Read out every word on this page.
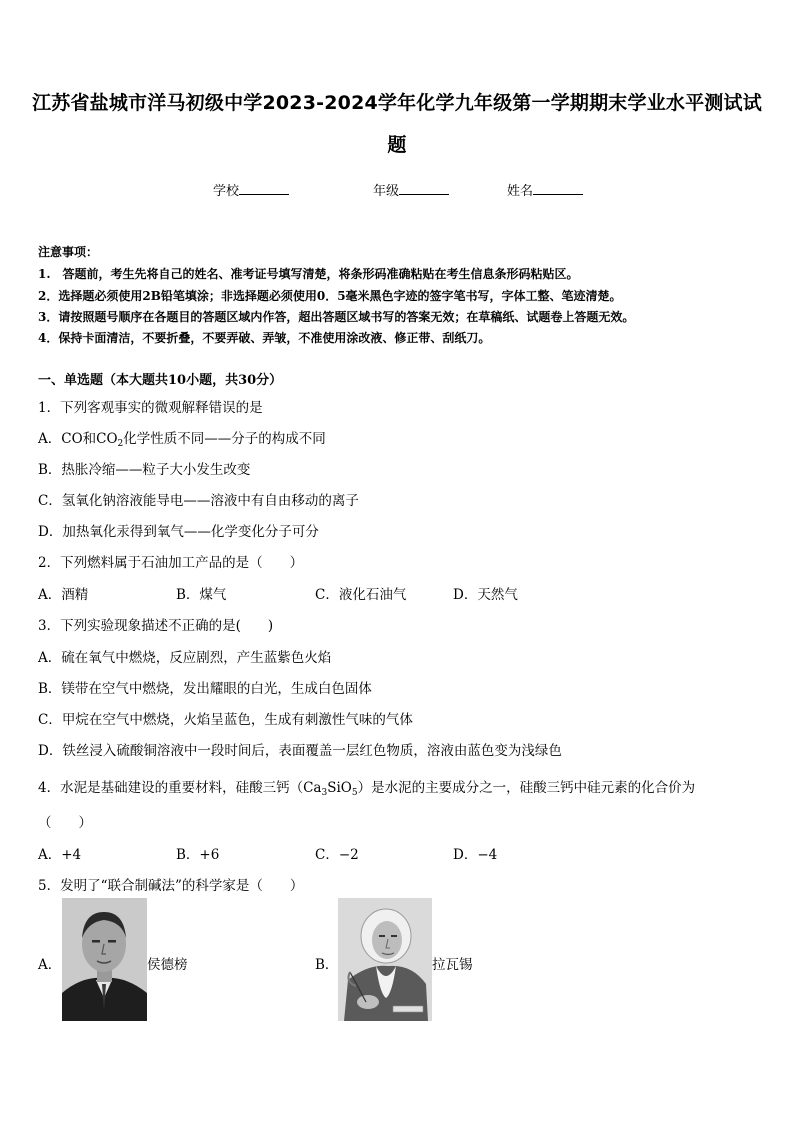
江苏省盐城市洋马初级中学2023-2024学年化学九年级第一学期期末学业水平测试试
题
学校	年级	姓名
注意事项：
1.　答题前，考生先将自己的姓名、准考证号填写清楚，将条形码准确粘贴在考生信息条形码粘贴区。
2．选择题必须使用2B铅笔填涂；非选择题必须使用0．5毫米黑色字迹的签字笔书写，字体工整、笔迹清楚。
3．请按照题号顺序在各题目的答题区域内作答，超出答题区域书写的答案无效；在草稿纸、试题卷上答题无效。
4．保持卡面清洁，不要折叠，不要弄破、弄皱，不准使用涂改液、修正带、刮纸刀。
一、单选题（本大题共10小题，共30分）
1．下列客观事实的微观解释错误的是
A．CO和$CO_2$化学性质不同——分子的构成不同
B．热胀冷缩——粒子大小发生改变
C．氢氧化钠溶液能导电——溶液中有自由移动的离子
D．加热氧化汞得到氧气——化学变化分子可分
2．下列燃料属于石油加工产品的是（　　）
A．酒精	B．煤气	C．液化石油气	D．天然气
3．下列实验现象描述不正确的是(　　)
A．硫在氧气中燃烧，反应剧烈，产生蓝紫色火焰
B．镁带在空气中燃烧，发出耀眼的白光，生成白色固体
C．甲烷在空气中燃烧，火焰呈蓝色，生成有刺激性气味的气体
D．铁丝浸入硫酸铜溶液中一段时间后，表面覆盖一层红色物质，溶液由蓝色变为浅绿色
4．水泥是基础建设的重要材料，硅酸三钙$(Ca_3SiO_5)$是水泥的主要成分之一，硅酸三钙中硅元素的化合价为
（　　）
A．+4	B．+6	C．−2	D．−4
5．发明了“联合制碱法”的科学家是（　　）
A．	侯德榜	B．	拉瓦锡
